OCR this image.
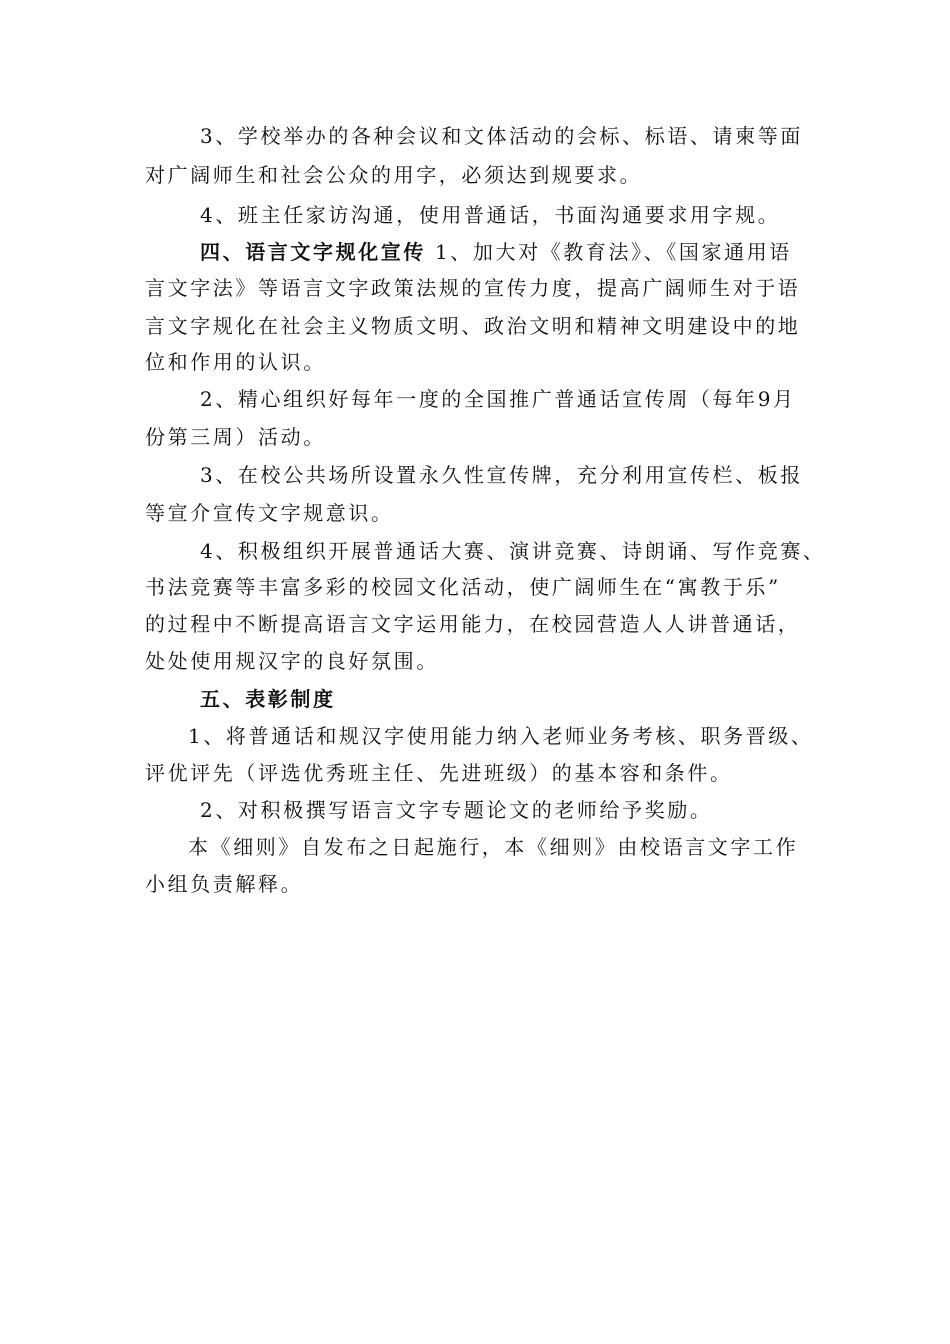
3、学校举办的各种会议和文体活动的会标、标语、请柬等面
对广阔师生和社会公众的用字，必须达到规要求。
4、班主任家访沟通，使用普通话，书面沟通要求用字规。
四、语言文字规化宣传 1、加大对《教育法》、《国家通用语
言文字法》等语言文字政策法规的宣传力度，提高广阔师生对于语
言文字规化在社会主义物质文明、政治文明和精神文明建设中的地
位和作用的认识。
2、精心组织好每年一度的全国推广普通话宣传周（每年9月
份第三周）活动。
3、在校公共场所设置永久性宣传牌，充分利用宣传栏、板报
等宣介宣传文字规意识。
4、积极组织开展普通话大赛、演讲竞赛、诗朗诵、写作竞赛、
书法竞赛等丰富多彩的校园文化活动，使广阔师生在“寓教于乐”
的过程中不断提高语言文字运用能力，在校园营造人人讲普通话，
处处使用规汉字的良好氛围。
五、表彰制度
1、将普通话和规汉字使用能力纳入老师业务考核、职务晋级、
评优评先（评选优秀班主任、先进班级）的基本容和条件。
2、对积极撰写语言文字专题论文的老师给予奖励。
本《细则》自发布之日起施行，本《细则》由校语言文字工作
小组负责解释。
